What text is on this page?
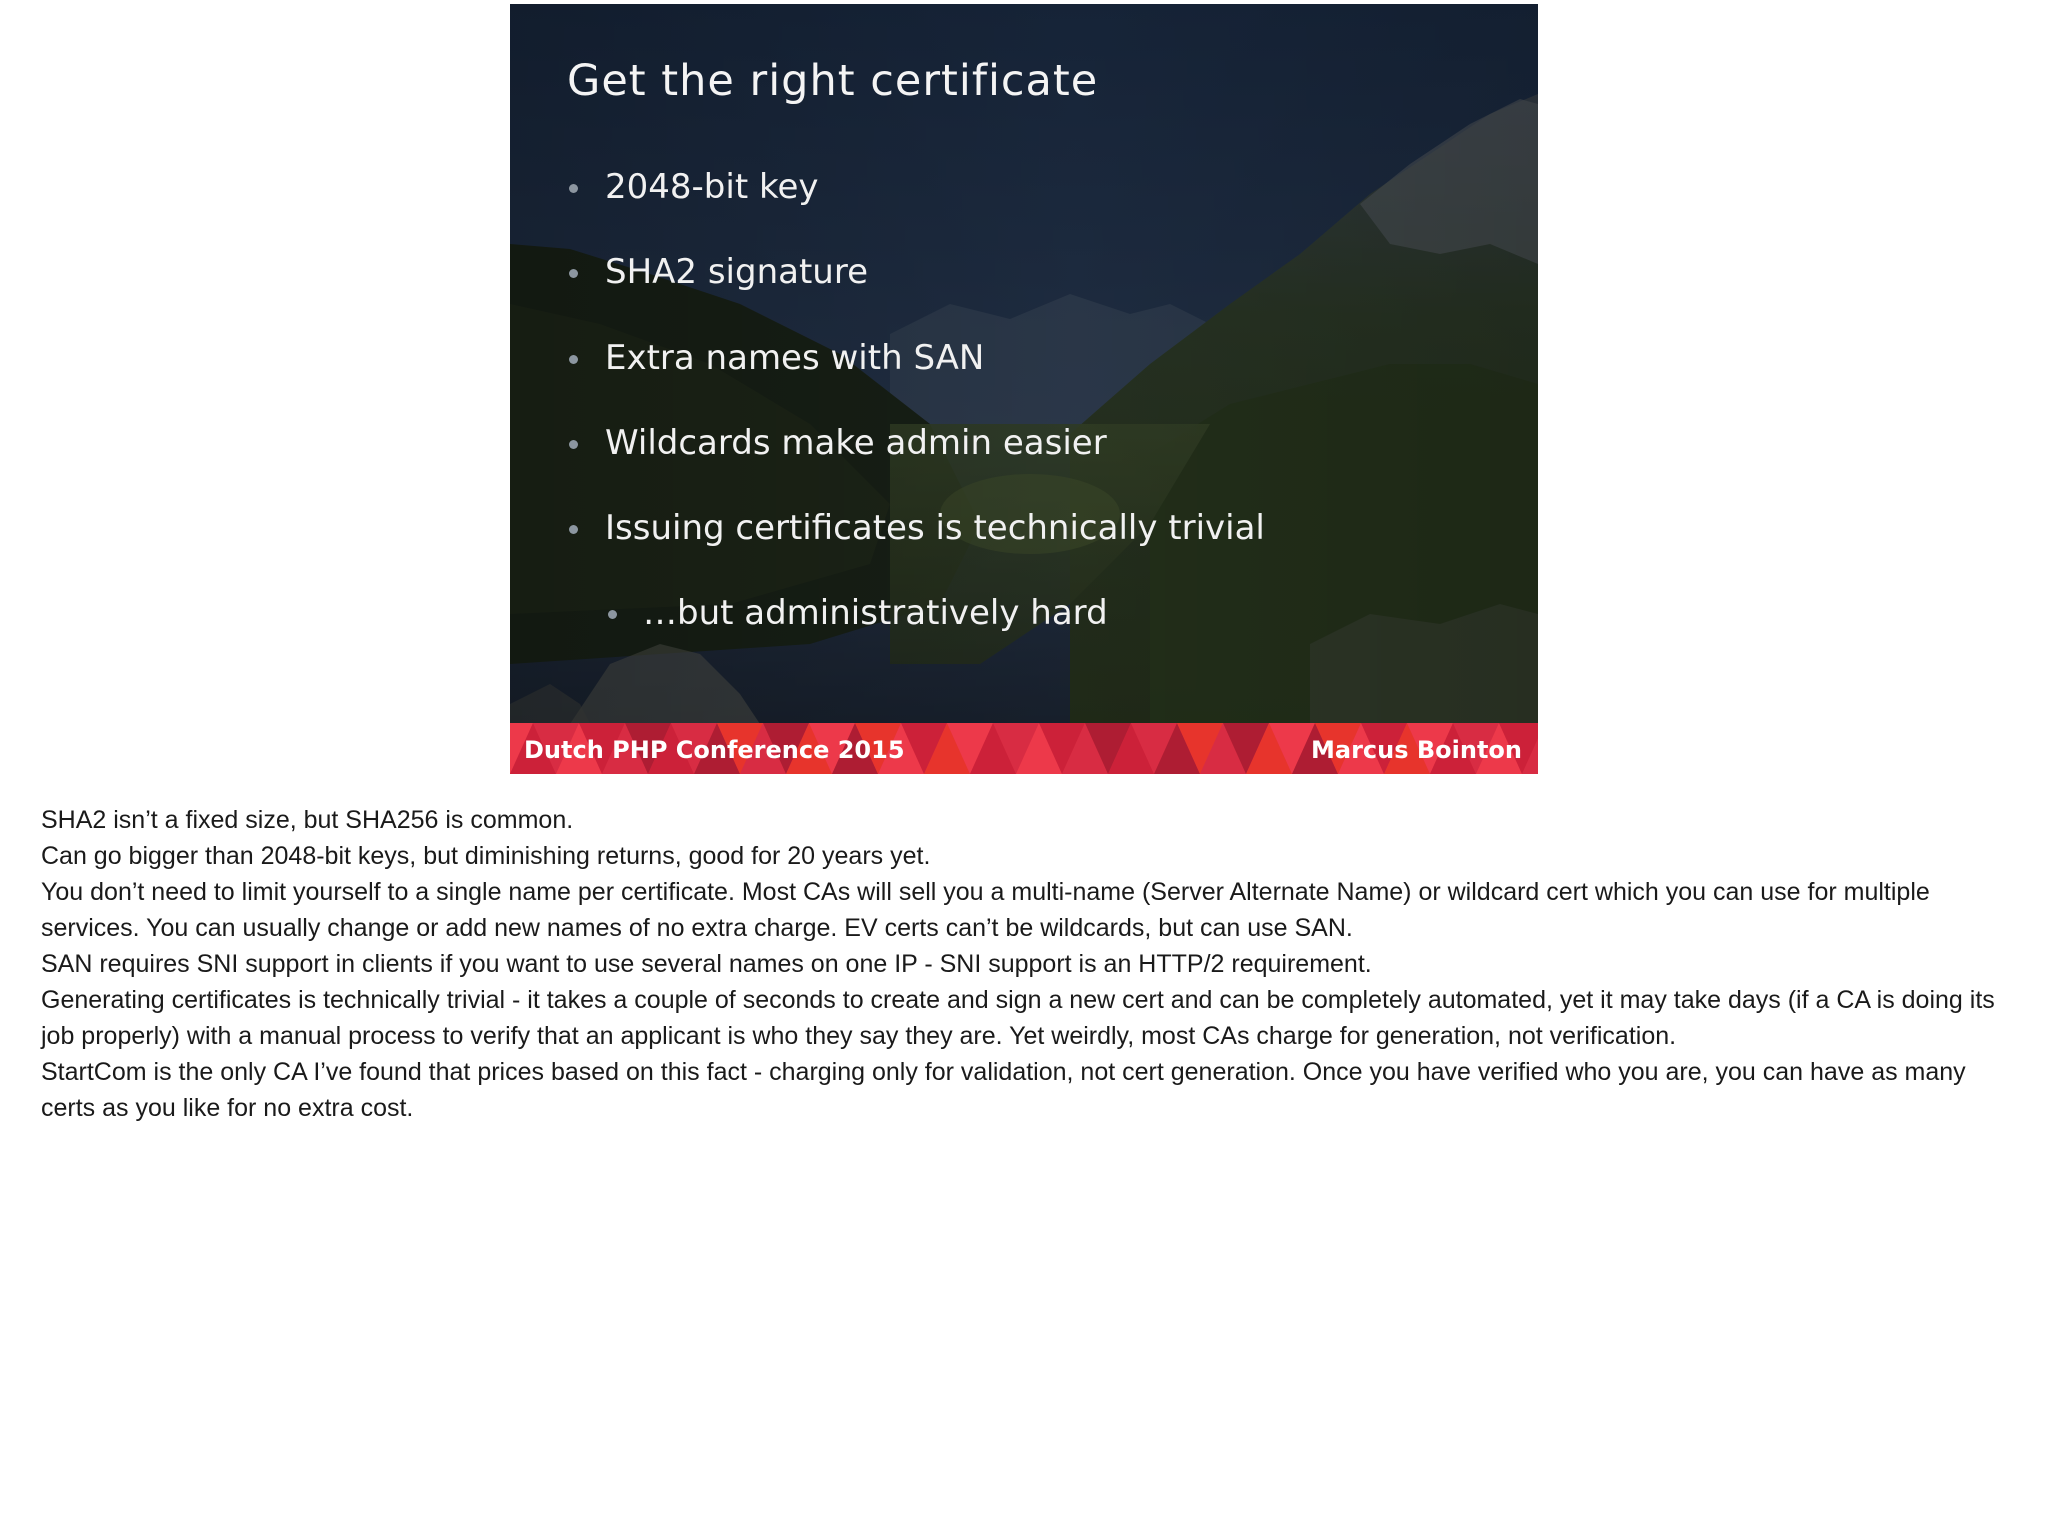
Get the right certificate
2048-bit key
SHA2 signature
Extra names with SAN
Wildcards make admin easier
Issuing certificates is technically trivial
…but administratively hard
Dutch PHP Conference 2015	Marcus Bointon

SHA2 isn’t a fixed size, but SHA256 is common.

Can go bigger than 2048-bit keys, but diminishing returns, good for 20 years yet.

You don’t need to limit yourself to a single name per certificate. Most CAs will sell you a multi-name (Server Alternate Name) or wildcard cert which you can use for multiple services. You can usually change or add new names of no extra charge. EV certs can’t be wildcards, but can use SAN.

SAN requires SNI support in clients if you want to use several names on one IP - SNI support is an HTTP/2 requirement.

Generating certificates is technically trivial - it takes a couple of seconds to create and sign a new cert and can be completely automated, yet it may take days (if a CA is doing its job properly) with a manual process to verify that an applicant is who they say they are. Yet weirdly, most CAs charge for generation, not verification.

StartCom is the only CA I’ve found that prices based on this fact - charging only for validation, not cert generation. Once you have verified who you are, you can have as many certs as you like for no extra cost.
